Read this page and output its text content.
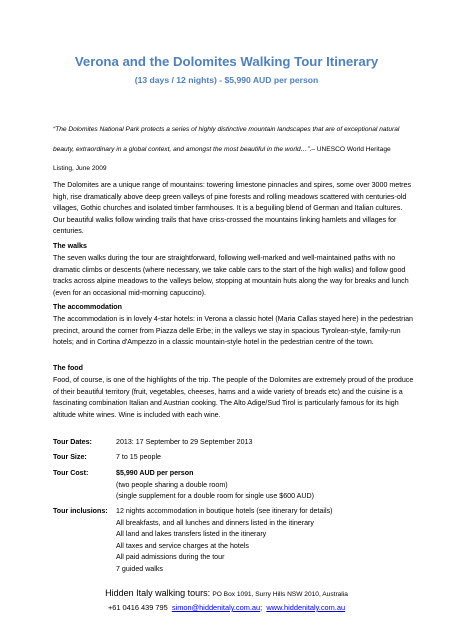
Verona and the Dolomites Walking Tour Itinerary

(13 days / 12 nights) - $5,990 AUD per person

“The Dolomites National Park protects a series of highly distinctive mountain landscapes that are of exceptional natural beauty, extraordinary in a global context, and amongst the most beautiful in the world…”.– UNESCO World Heritage Listing, June 2009

The Dolomites are a unique range of mountains: towering limestone pinnacles and spires, some over 3000 metres high, rise dramatically above deep green valleys of pine forests and rolling meadows scattered with centuries-old villages, Gothic churches and isolated timber farmhouses. It is a beguiling blend of German and Italian cultures. Our beautiful walks follow winding trails that have criss-crossed the mountains linking hamlets and villages for centuries.

The walks

The seven walks during the tour are straightforward, following well-marked and well-maintained paths with no dramatic climbs or descents (where necessary, we take cable cars to the start of the high walks) and follow good tracks across alpine meadows to the valleys below, stopping at mountain huts along the way for breaks and lunch (even for an occasional mid-morning capuccino).

The accommodation

The accommodation is in lovely 4-star hotels: in Verona a classic hotel (Maria Callas stayed here) in the pedestrian precinct, around the corner from Piazza delle Erbe; in the valleys we stay in spacious Tyrolean-style, family-run hotels; and in Cortina d'Ampezzo in a classic mountain-style hotel in the pedestrian centre of the town.

The food

Food, of course, is one of the highlights of the trip. The people of the Dolomites are extremely proud of the produce of their beautiful territory (fruit, vegetables, cheeses, hams and a wide variety of breads etc) and the cuisine is a fascinating combination Italian and Austrian cooking. The Alto Adige/Sud Tirol is particularly famous for its high altitude white wines. Wine is included with each wine.

Tour Dates:	2013: 17 September to 29 September 2013
Tour Size:	7 to 15 people
Tour Cost:	$5,990 AUD per person
(two people sharing a double room)
(single supplement for a double room for single use $600 AUD)
Tour inclusions: 12 nights accommodation in boutique hotels (see itinerary for details)
All breakfasts, and all lunches and dinners listed in the itinerary
All land and lakes transfers listed in the itinerary
All taxes and service charges at the hotels
All paid admissions during the tour
7 guided walks
Hidden Italy walking tours: PO Box 1091, Surry Hills NSW 2010, Australia
+61 0416 439 795 simon@hiddenitaly.com.au; www.hiddenitaly.com.au
